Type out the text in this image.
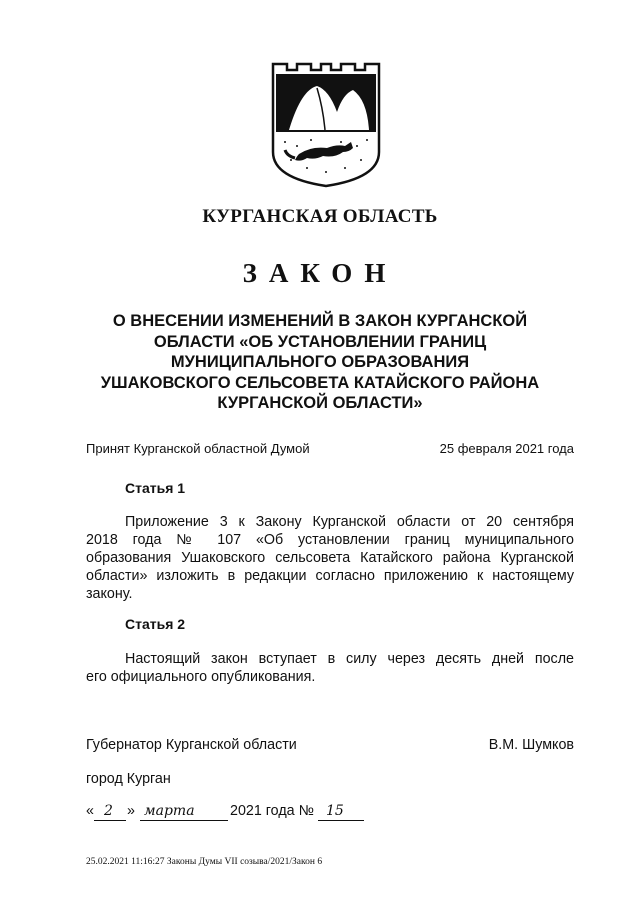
КУРГАНСКАЯ ОБЛАСТЬ
ЗАКОН
О ВНЕСЕНИИ ИЗМЕНЕНИЙ В ЗАКОН КУРГАНСКОЙ
ОБЛАСТИ «ОБ УСТАНОВЛЕНИИ ГРАНИЦ
МУНИЦИПАЛЬНОГО ОБРАЗОВАНИЯ
УШАКОВСКОГО СЕЛЬСОВЕТА КАТАЙСКОГО РАЙОНА
КУРГАНСКОЙ ОБЛАСТИ»
Принят Курганской областной Думой	25 февраля 2021 года
Статья 1
Приложение 3 к Закону Курганской области от 20 сентября
2018 года № 107 «Об установлении границ муниципального
образования Ушаковского сельсовета Катайского района Курганской
области» изложить в редакции согласно приложению к настоящему
закону.
Статья 2
Настоящий закон вступает в силу через десять дней после
его официального опубликования.
Губернатор Курганской области	В.М. Шумков
город Курган
« 2 » марта 2021 года № 15
25.02.2021 11:16:27 Законы Думы VII созыва/2021/Закон 6
